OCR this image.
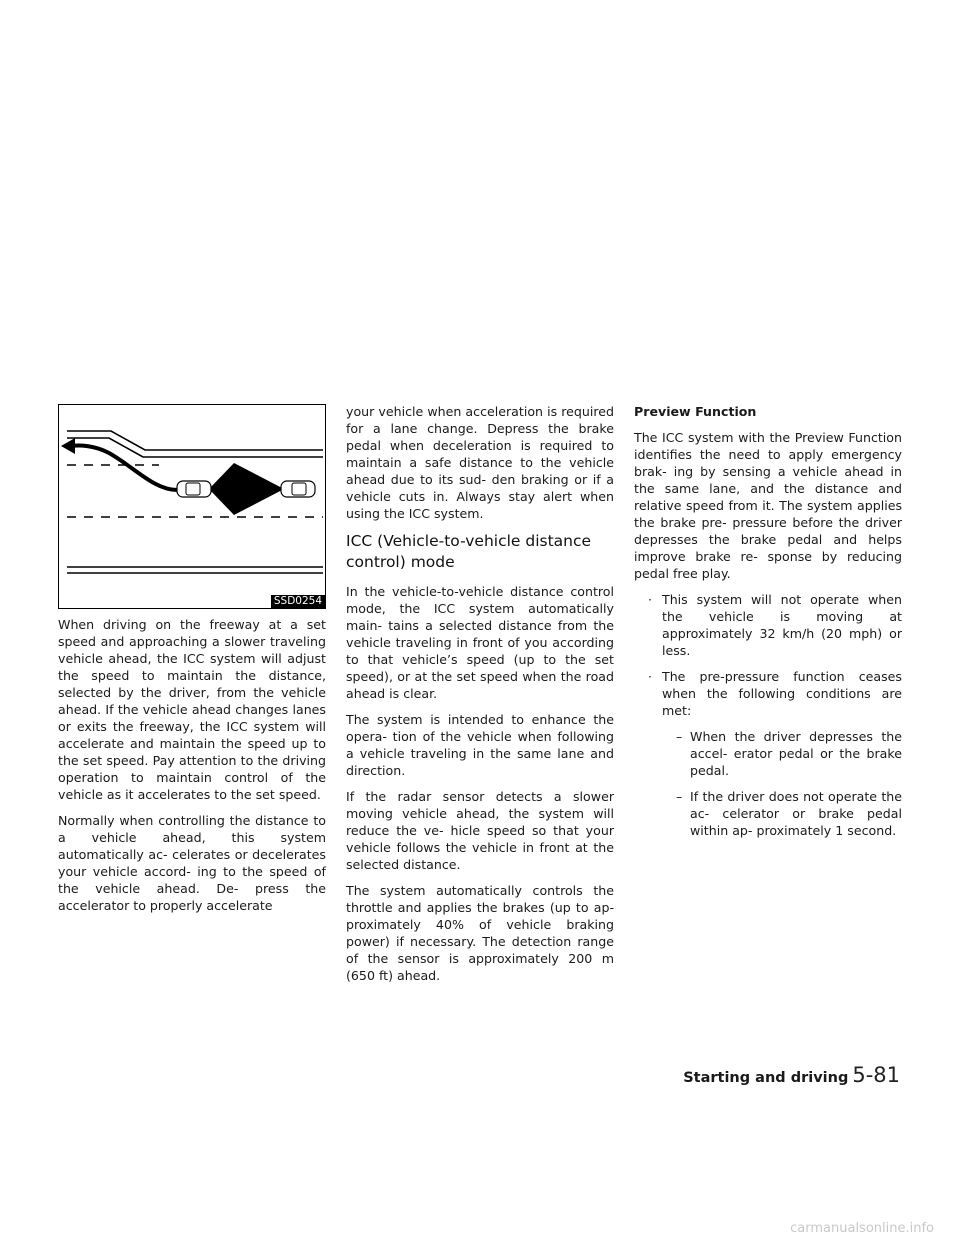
SSD0254

When driving on the freeway at a set speed and approaching a slower traveling vehicle ahead, the ICC system will adjust the speed to maintain the distance, selected by the driver, from the vehicle ahead. If the vehicle ahead changes lanes or exits the freeway, the ICC system will accelerate and maintain the speed up to the set speed. Pay attention to the driving operation to maintain control of the vehicle as it accelerates to the set speed.

Normally when controlling the distance to a vehicle ahead, this system automatically ac- celerates or decelerates your vehicle accord- ing to the speed of the vehicle ahead. De- press the accelerator to properly accelerate

your vehicle when acceleration is required for a lane change. Depress the brake pedal when deceleration is required to maintain a safe distance to the vehicle ahead due to its sud- den braking or if a vehicle cuts in. Always stay alert when using the ICC system.

ICC (Vehicle-to-vehicle distance control) mode

In the vehicle-to-vehicle distance control mode, the ICC system automatically main- tains a selected distance from the vehicle traveling in front of you according to that vehicle’s speed (up to the set speed), or at the set speed when the road ahead is clear.

The system is intended to enhance the opera- tion of the vehicle when following a vehicle traveling in the same lane and direction.

If the radar sensor detects a slower moving vehicle ahead, the system will reduce the ve- hicle speed so that your vehicle follows the vehicle in front at the selected distance.

The system automatically controls the throttle and applies the brakes (up to ap- proximately 40% of vehicle braking power) if necessary. The detection range of the sensor is approximately 200 m (650 ft) ahead.

Preview Function

The ICC system with the Preview Function identifies the need to apply emergency brak- ing by sensing a vehicle ahead in the same lane, and the distance and relative speed from it. The system applies the brake pre- pressure before the driver depresses the brake pedal and helps improve brake re- sponse by reducing pedal free play.

· This system will not operate when the vehicle is moving at approximately 32 km/h (20 mph) or less.
· The pre-pressure function ceases when the following conditions are met:
– When the driver depresses the accel- erator pedal or the brake pedal.
– If the driver does not operate the ac- celerator or brake pedal within ap- proximately 1 second.
Starting and driving 5-81
carmanualsonline.info
